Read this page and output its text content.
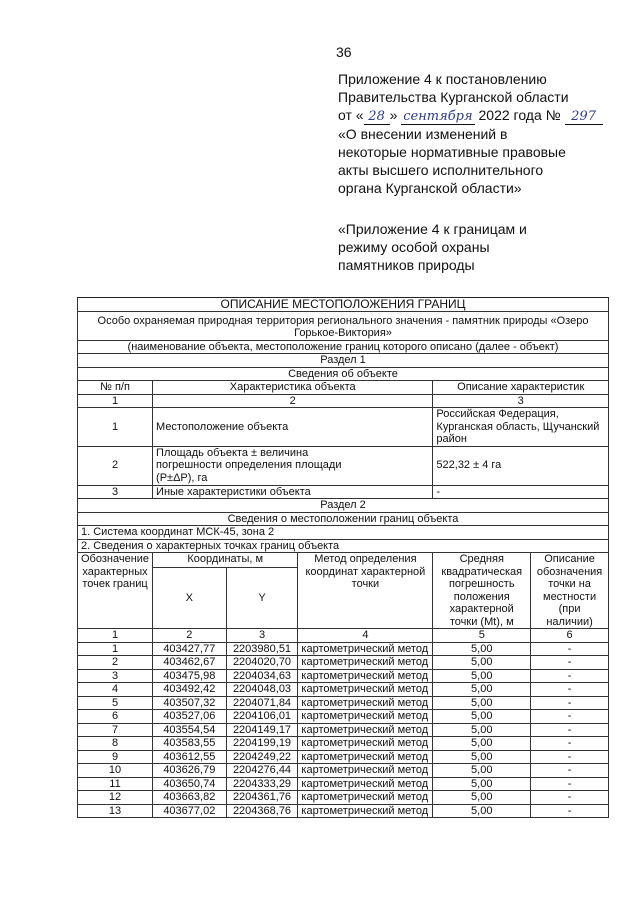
36
Приложение 4 к постановлению
Правительства Курганской области
от « 28 » сентября 2022 года № 297
«О внесении изменений в
некоторые нормативные правовые
акты высшего исполнительного
органа Курганской области»
«Приложение 4 к границам и
режиму особой охраны
памятников природы
ОПИСАНИЕ МЕСТОПОЛОЖЕНИЯ ГРАНИЦ					
Особо охраняемая природная территория регионального значения - памятник природы «Озеро Горькое-Виктория»					
(наименование объекта, местоположение границ которого описано (далее - объект)					
Раздел 1					
Сведения об объекте					
№ п/п	Характеристика объекта			Описание характеристик	
1	2			3	
1	Местоположение объекта			Российская Федерация, Курганская область, Щучанский район	
2	Площадь объекта ± величина погрешности определения площади (P±ΔP), га			522,32 ± 4 га	
3	Иные характеристики объекта			-	
Раздел 2					
Сведения о местоположении границ объекта					
1. Система координат МСК-45, зона 2					
2. Сведения о характерных точках границ объекта					
Обозначение характерных точек границ	Координаты, м		Метод определения координат характерной точки	Средняя квадратическая погрешность положения характерной точки (Mt), м	Описание обозначения точки на местности (при наличии)
	X	Y			
1	2	3	4	5	6
1	403427,77	2203980,51	картометрический метод	5,00	-
2	403462,67	2204020,70	картометрический метод	5,00	-
3	403475,98	2204034,63	картометрический метод	5,00	-
4	403492,42	2204048,03	картометрический метод	5,00	-
5	403507,32	2204071,84	картометрический метод	5,00	-
6	403527,06	2204106,01	картометрический метод	5,00	-
7	403554,54	2204149,17	картометрический метод	5,00	-
8	403583,55	2204199,19	картометрический метод	5,00	-
9	403612,55	2204249,22	картометрический метод	5,00	-
10	403626,79	2204276,44	картометрический метод	5,00	-
11	403650,74	2204333,29	картометрический метод	5,00	-
12	403663,82	2204361,76	картометрический метод	5,00	-
13	403677,02	2204368,76	картометрический метод	5,00	-
